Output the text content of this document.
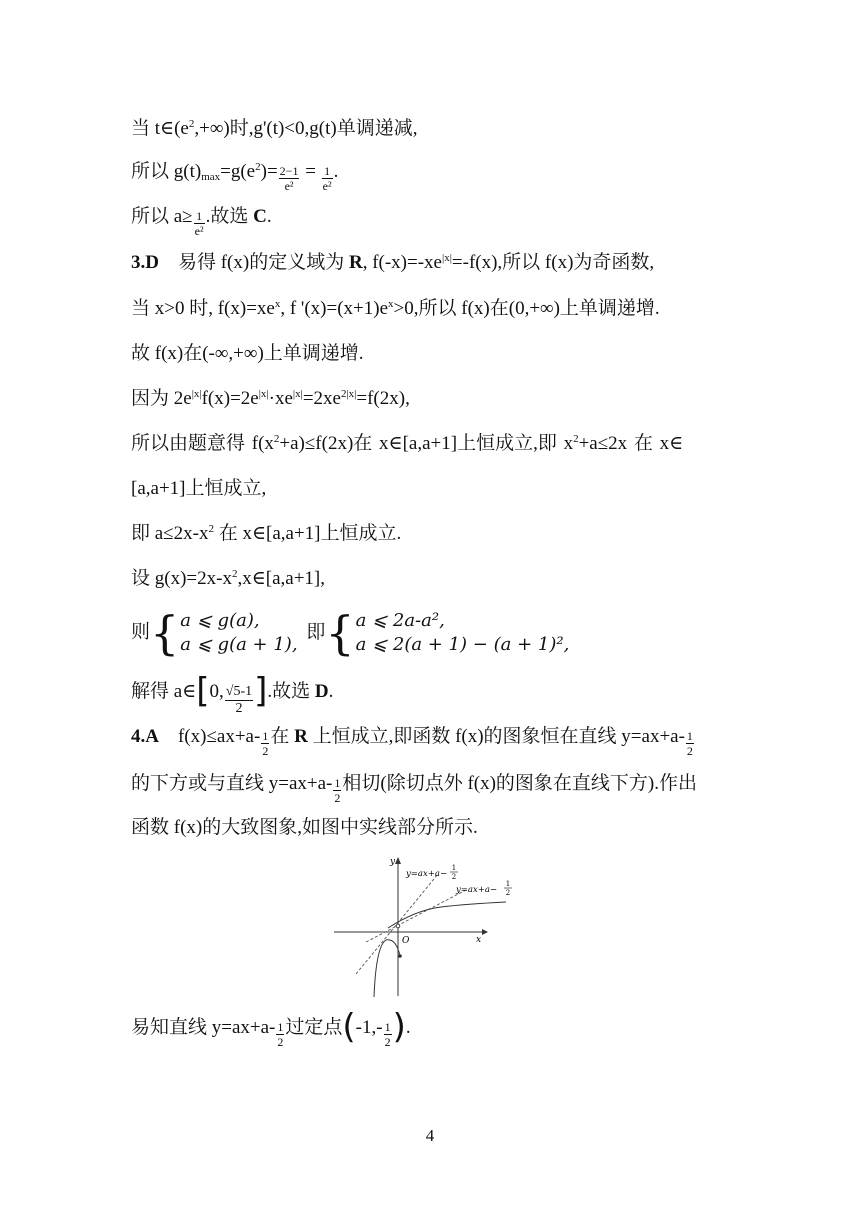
当 $t\in(e^2,+\infty)$时,g'(t)<0,g(t)单调递减,
所以 $g(t)_{max}=g(e^2)= \frac{2-1}{\text{e²}} = \frac{1}{\text{e²}}$ .
所以 $a\ge \frac{1}{\text{e²}}$ .故选 C.
3.D    易得 f(x)的定义域为 R, $f(-x)=-xe^{|x|}=-f(x)$,所以 f(x)为奇函数,
当 x>0 时, $f(x)=xe^x$, f '$(x)=(x+1)e^x>0$,所以 f(x)在(0,+∞)上单调递增.
故 f(x)在(-∞,+∞)上单调递增.
因为 $2e^{|x|}f(x)=2e^{|x|}\cdot xe^{|x|}=2xe^{2|x|}=f(2x)$,
所以由题意得 $f(x^2+a)\le f(2x)$在 x∈[a,a+1]上恒成立,即 $x^2+a\le 2x$ 在 x∈
[a,a+1]上恒成立,
即 $a\le 2x-x^2$ 在 x∈[a,a+1]上恒成立.
设 $g(x)=2x-x^2,x\in[a,a+1]$,
则{ a ⩽ g(a),
a ⩽ g(a + 1),
即{ a ⩽ 2a-a²,
a ⩽ 2(a + 1) − (a + 1)²,
解得 a∈[0, $\frac{√5-1}{2}$ ].故选 D.
4.A    $f(x)\le ax+a- \frac{1}{2}$ 在 R 上恒成立,即函数 f(x)的图象恒在直线 $y=ax+a- \frac{1}{2}$
的下方或与直线 $y=ax+a- \frac{1}{2}$ 相切(除切点外 f(x)的图象在直线下方).作出
函数 f(x)的大致图象,如图中实线部分所示.
y
x
O
y=ax+a−
1
2
y=ax+a−
1
2
易知直线 $y=ax+a- \frac{1}{2}$ 过定点($-1,- \frac{1}{2}$ ).
4
